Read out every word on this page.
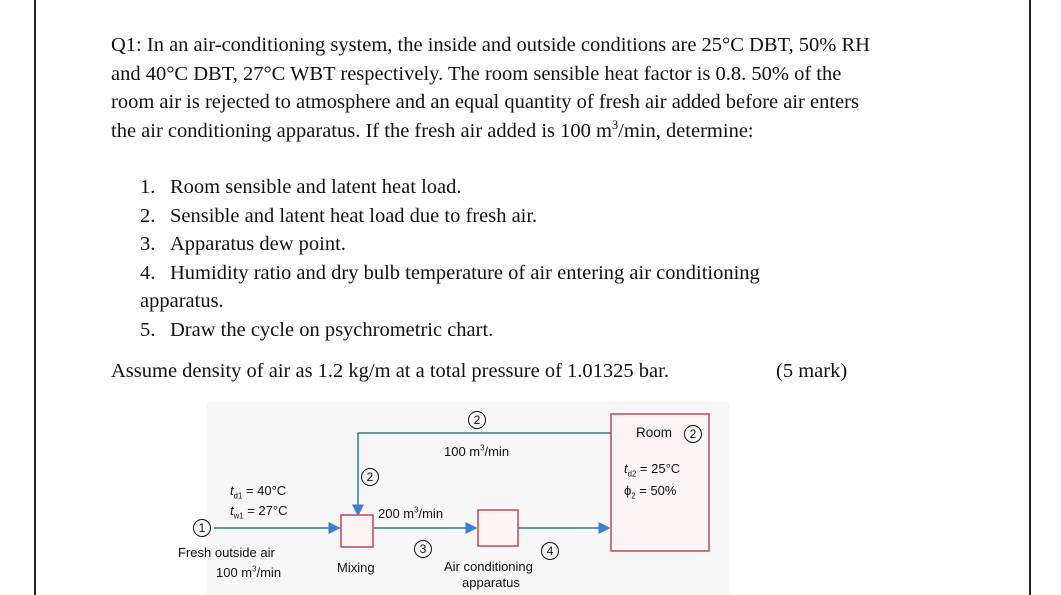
Q1: In an air-conditioning system, the inside and outside conditions are 25°C DBT, 50% RH and 40°C DBT, 27°C WBT respectively. The room sensible heat factor is 0.8. 50% of the room air is rejected to atmosphere and an equal quantity of fresh air added before air enters the air conditioning apparatus. If the fresh air added is 100 $m^3/\min$, determine:

1. Room sensible and latent heat load.
2. Sensible and latent heat load due to fresh air.
3. Apparatus dew point.
4. Humidity ratio and dry bulb temperature of air entering air conditioning
apparatus.
5. Draw the cycle on psychrometric chart.
Assume density of air as 1.2 kg/m at a total pressure of 1.01325 bar.	(5 mark)
2
100 $m^3/\min$
Room	2
$t_{d2} = 25^\circ C$
$\phi_2 = 50\%$
2
$t_{d1} = 40^\circ C$
$t_{w1} = 27^\circ C$
1
200 $m^3/\min$
3	4
Fresh outside air
100 $m^3/\min$	Mixing	Air conditioning
apparatus
